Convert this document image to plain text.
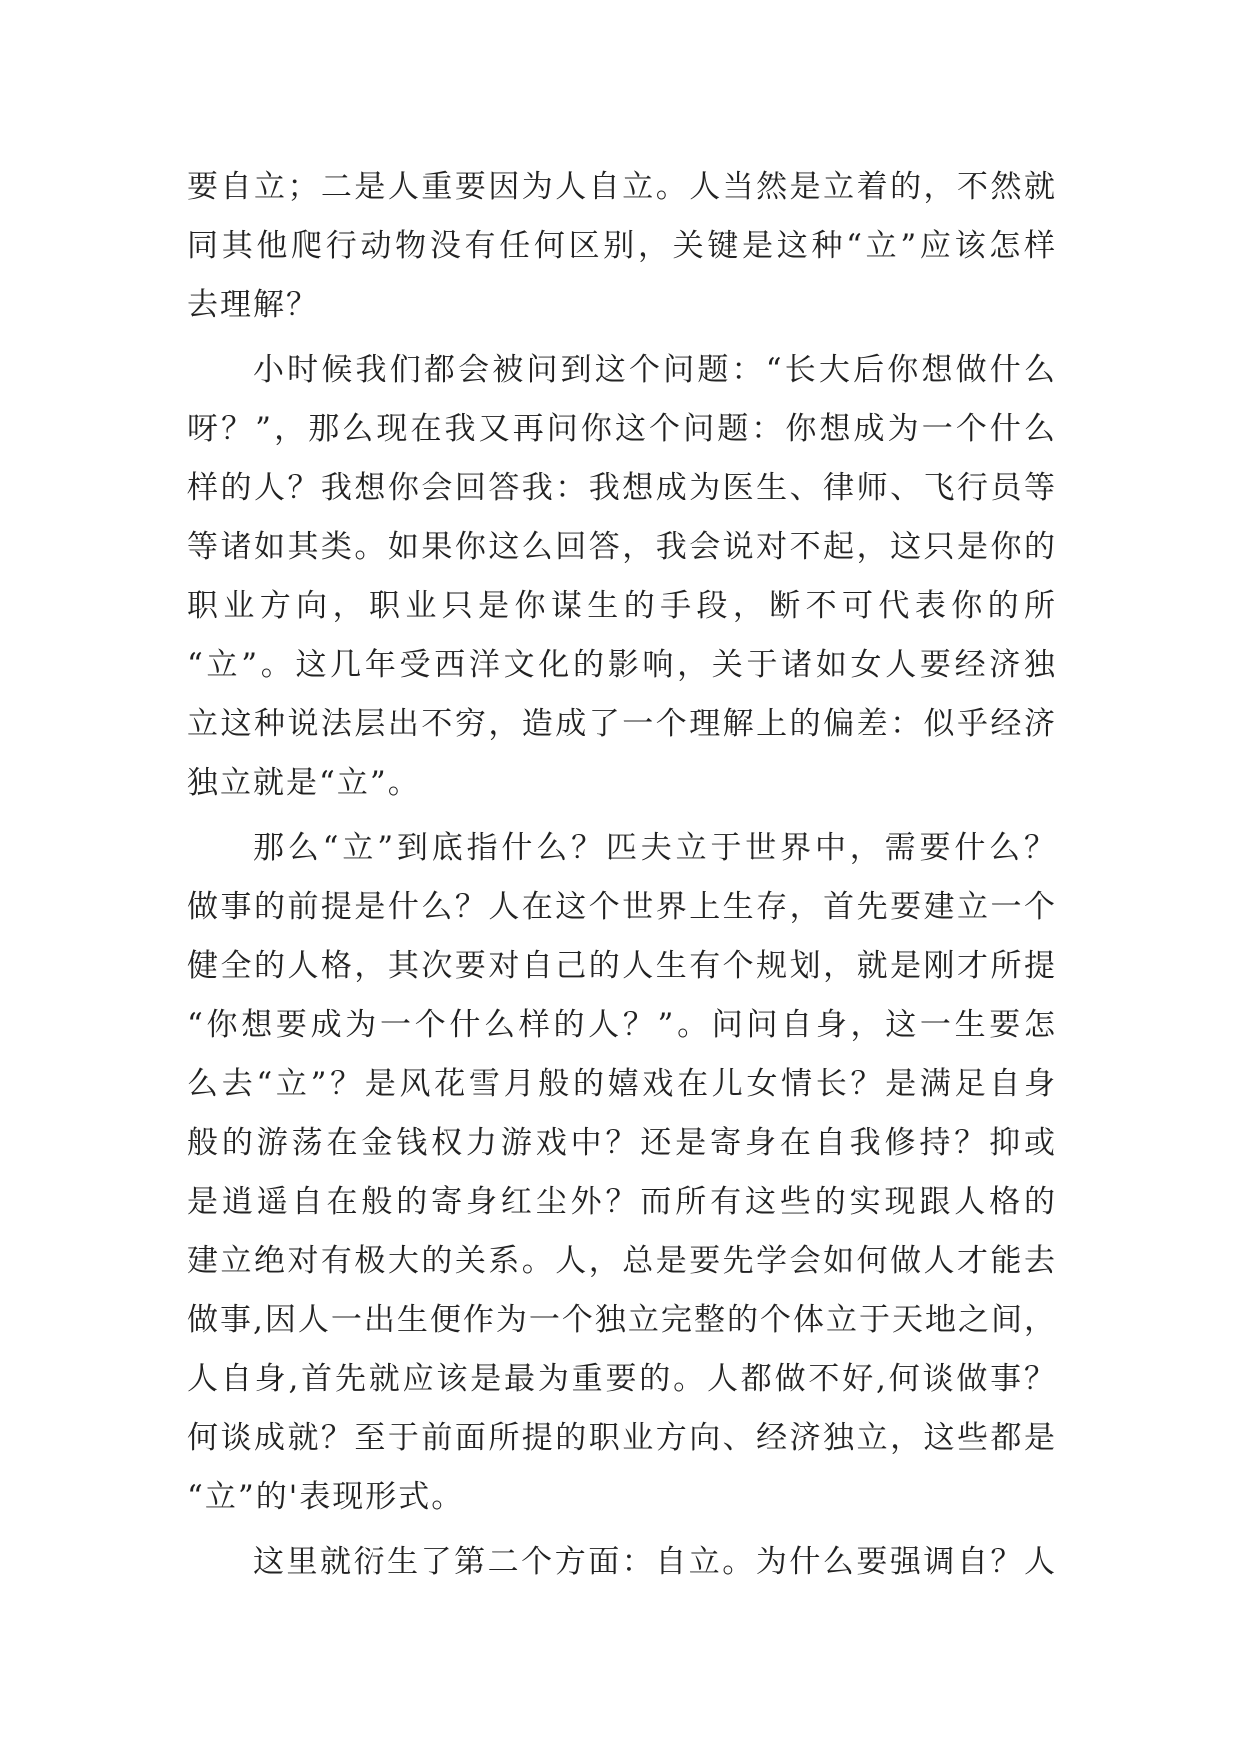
要自立；二是人重要因为人自立。人当然是立着的，不然就
同其他爬行动物没有任何区别，关键是这种“立”应该怎样
去理解？
小时候我们都会被问到这个问题：“长大后你想做什么
呀？”，那么现在我又再问你这个问题：你想成为一个什么
样的人？我想你会回答我：我想成为医生、律师、飞行员等
等诸如其类。如果你这么回答，我会说对不起，这只是你的
职业方向，职业只是你谋生的手段，断不可代表你的所
“立”。这几年受西洋文化的影响，关于诸如女人要经济独
立这种说法层出不穷，造成了一个理解上的偏差：似乎经济
独立就是“立”。
那么“立”到底指什么？匹夫立于世界中，需要什么？
做事的前提是什么？人在这个世界上生存，首先要建立一个
健全的人格，其次要对自己的人生有个规划，就是刚才所提
“你想要成为一个什么样的人？”。问问自身，这一生要怎
么去“立”？是风花雪月般的嬉戏在儿女情长？是满足自身
般的游荡在金钱权力游戏中？还是寄身在自我修持？抑或
是逍遥自在般的寄身红尘外？而所有这些的实现跟人格的
建立绝对有极大的关系。人，总是要先学会如何做人才能去
做事,因人一出生便作为一个独立完整的个体立于天地之间，
人自身,首先就应该是最为重要的。人都做不好,何谈做事？
何谈成就？至于前面所提的职业方向、经济独立，这些都是
“立”的'表现形式。
这里就衍生了第二个方面：自立。为什么要强调自？人
